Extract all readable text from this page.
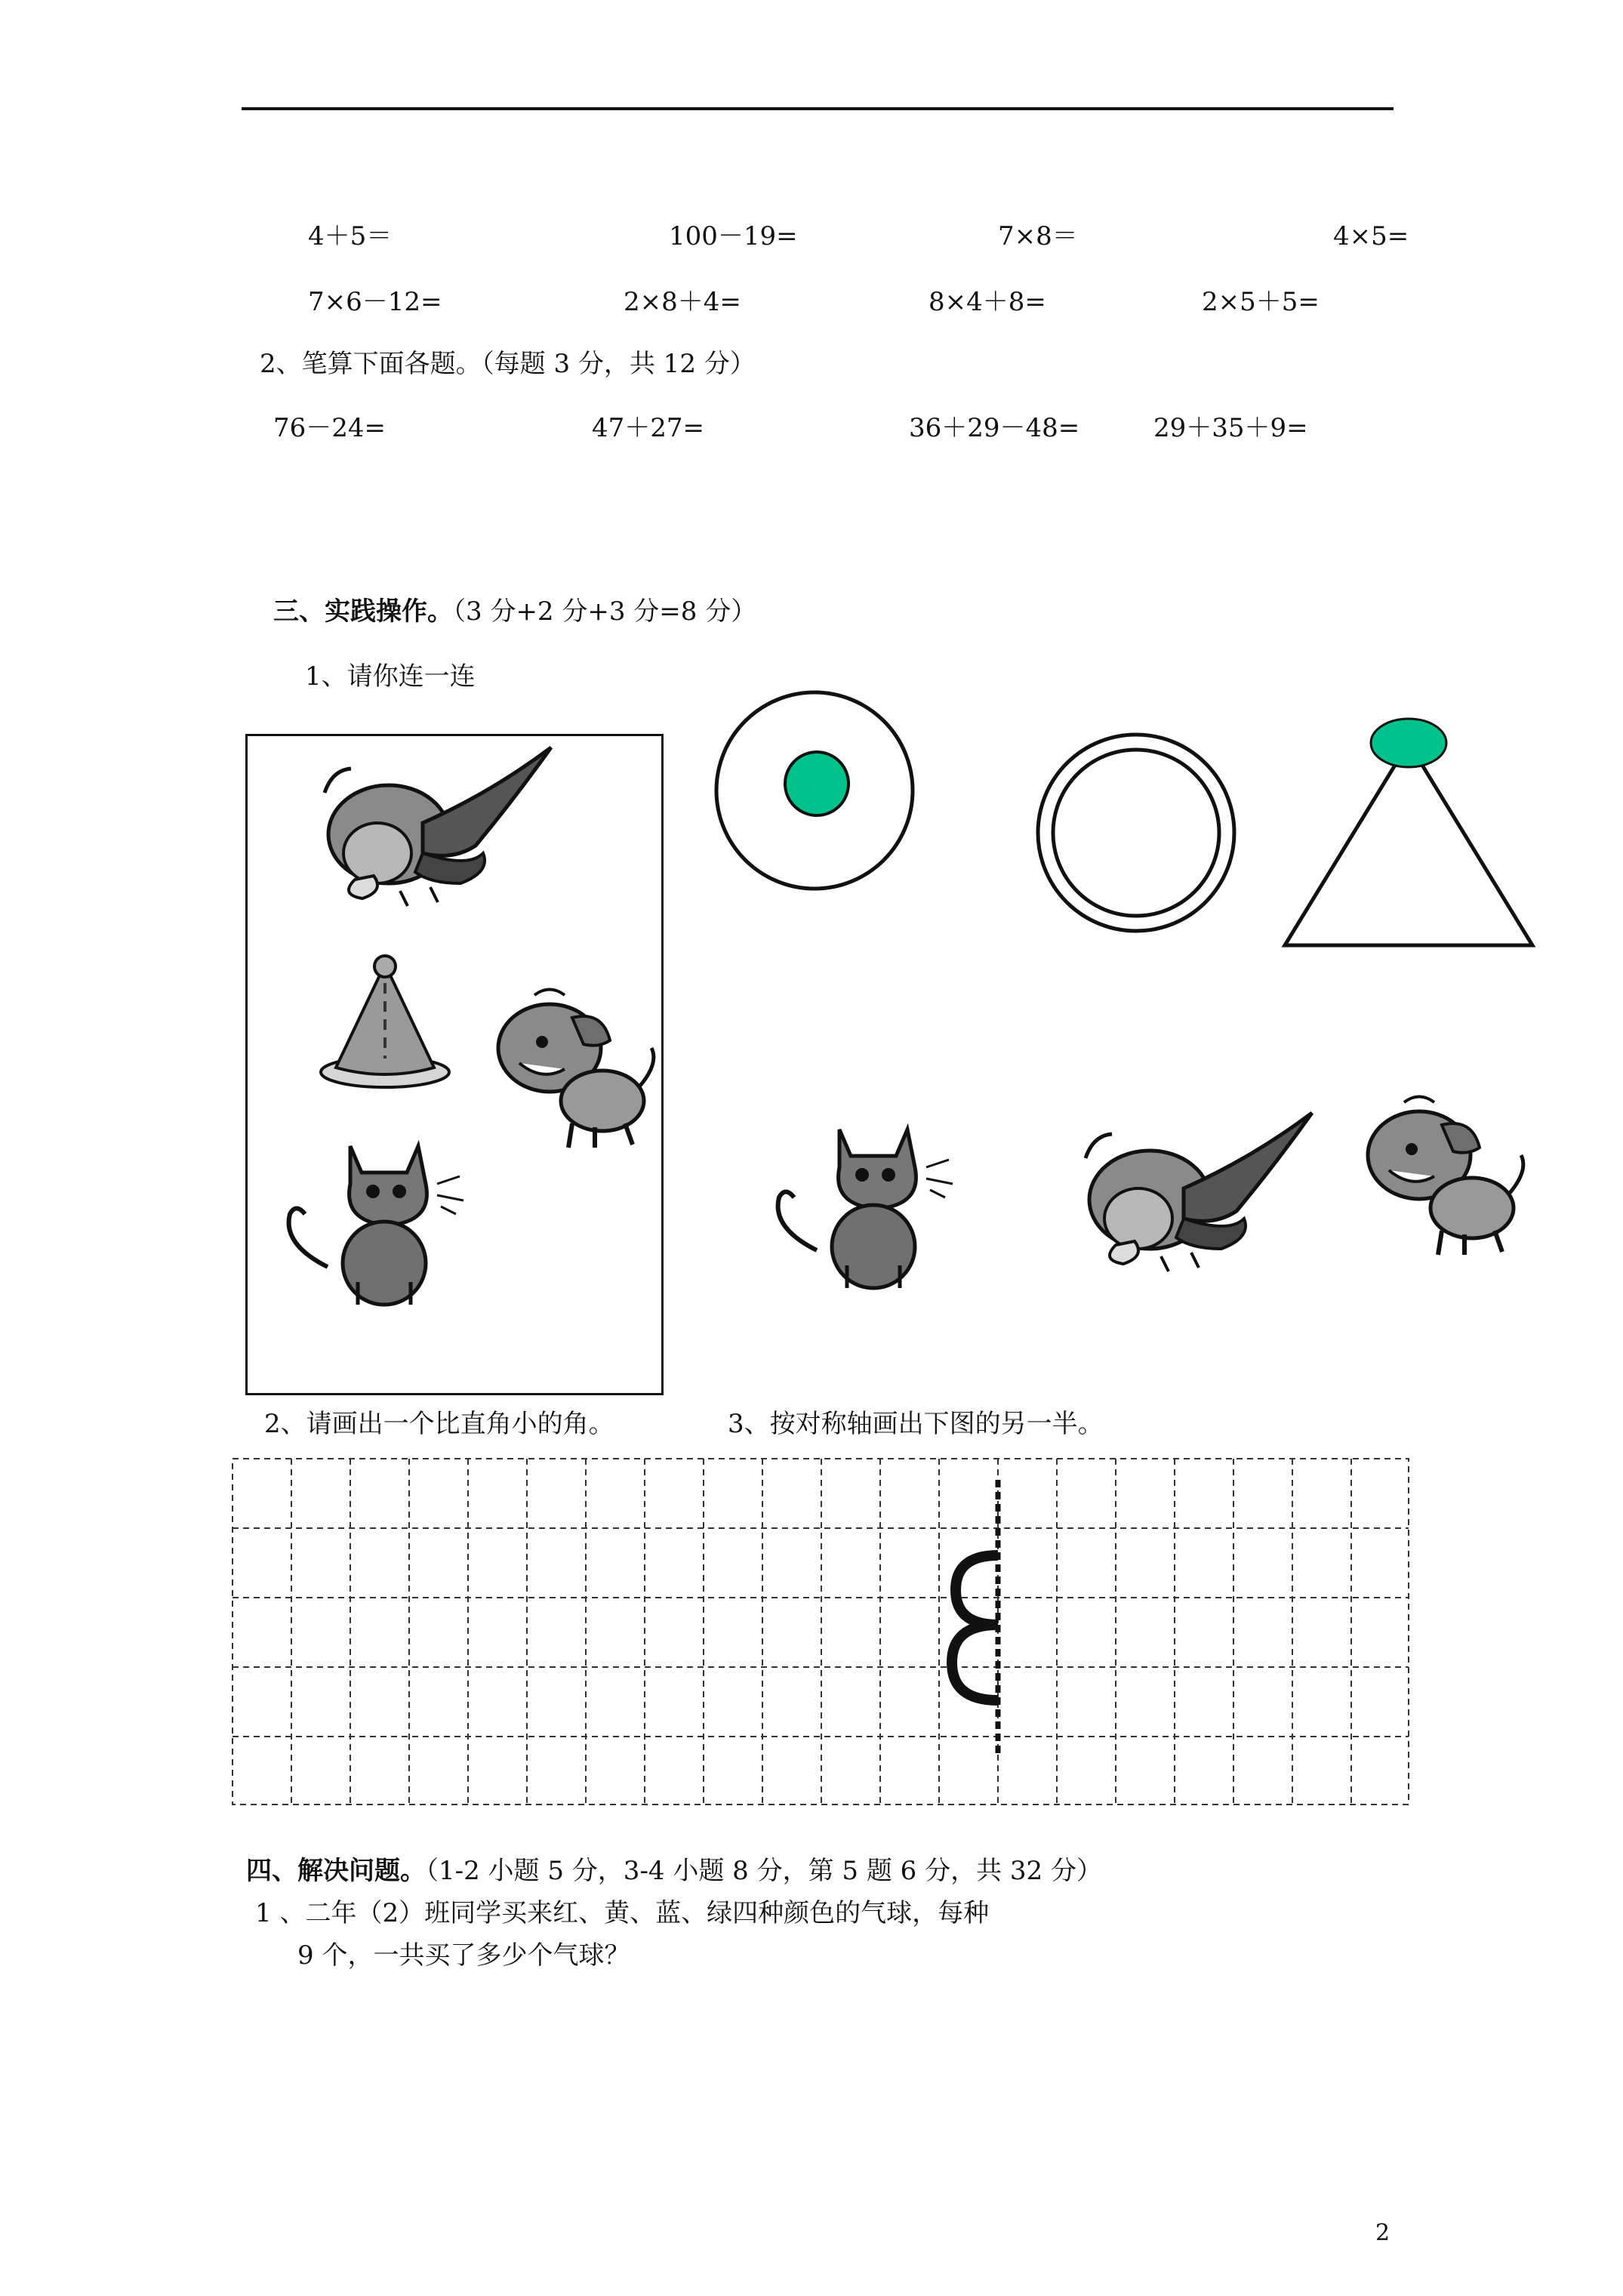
4＋5＝	100－19=	7×8＝	4×5=
7×6－12=	2×8＋4=	8×4＋8=	2×5＋5=
2、笔算下面各题。（每题 3 分，共 12 分）
76－24=	47＋27=	36＋29－48=	29＋35＋9=
三、实践操作。（3 分+2 分+3 分=8 分）
1、请你连一连
2、请画出一个比直角小的角。	3、按对称轴画出下图的另一半。
四、解决问题。（1-2 小题 5 分，3-4 小题 8 分，第 5 题 6 分，共 32 分）
1 、二年（2）班同学买来红、黄、蓝、绿四种颜色的气球，每种
9 个，一共买了多少个气球？
2
